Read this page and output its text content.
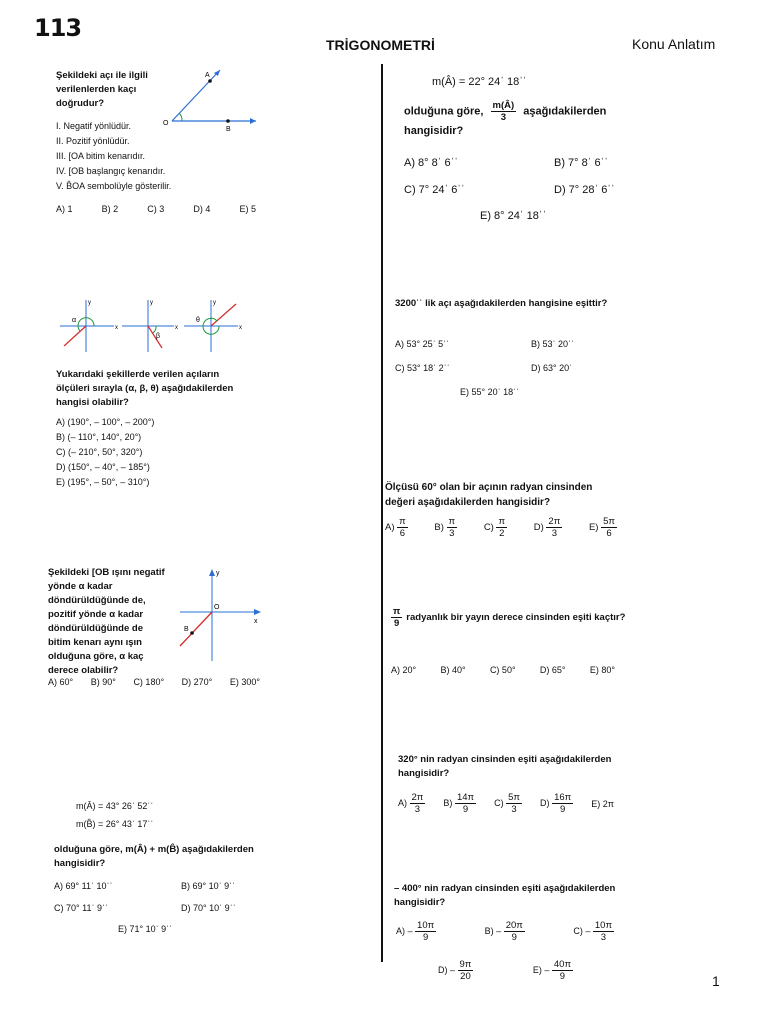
113
TRİGONOMETRİ	Konu Anlatım
Şekildeki açı ile ilgili verilenlerden kaçı doğrudur?
A
O
B
I. Negatif yönlüdür.
II. Pozitif yönlüdür.
III. [OA bitim kenarıdır.
IV. [OB başlangıç kenarıdır.
V. B̂OA sembolüyle gösterilir.
A) 1	B) 2	C) 3	D) 4	E) 5
α
x
y
β
x
y
θ
x
y
Yukarıdaki şekillerde verilen açıların ölçüleri sırayla (α, β, θ) aşağıdakilerden hangisi olabilir?
A) (190°, – 100°, – 200°)
B) (– 110°, 140°, 20°)
C) (– 210°, 50°, 320°)
D) (150°, – 40°, – 185°)
E) (195°, – 50°, – 310°)
Şekildeki [OB ışını negatif yönde α kadar döndürüldüğünde de, pozitif yönde α kadar döndürüldüğünde de bitim kenarı aynı ışın olduğuna göre, α kaç derece olabilir?
y
x
O
B
A) 60° B) 90° C) 180° D) 270° E) 300°
m(Â) = 43° 26ˈ 52ˈˈ
m(B̂) = 26° 43ˈ 17ˈˈ
olduğuna göre, m(Â) + m(B̂) aşağıdakilerden hangisidir?
A) 69° 11ˈ 10ˈˈ	B) 69° 10ˈ 9ˈˈ
C) 70° 11ˈ 9ˈˈ	D) 70° 10ˈ 9ˈˈ
E) 71° 10ˈ 9ˈˈ
m(Â) = 22° 24ˈ 18ˈˈ
olduğuna göre, $\frac{m(Â)}{3}$ aşağıdakilerden hangisidir?
A) 8° 8ˈ 6ˈˈ	B) 7° 8ˈ 6ˈˈ
C) 7° 24ˈ 6ˈˈ	D) 7° 28ˈ 6ˈˈ
E) 8° 24ˈ 18ˈˈ
3200ˈˈ lik açı aşağıdakilerden hangisine eşittir?
A) 53° 25ˈ 5ˈˈ	B) 53ˈ 20ˈˈ
C) 53° 18ˈ 2ˈˈ	D) 63° 20ˈ
E) 55° 20ˈ 18ˈˈ
Ölçüsü 60° olan bir açının radyan cinsinden değeri aşağıdakilerden hangisidir?
$A) \frac{\pi}{6}$	$B) \frac{\pi}{3}$	$C) \frac{\pi}{2}$	$D) \frac{2\pi}{3}$	$E) \frac{5\pi}{6}$
$\frac{\pi}{9}$ radyanlık bir yayın derece cinsinden eşiti kaçtır?
A) 20°	B) 40°	C) 50°	D) 65°	E) 80°
320° nin radyan cinsinden eşiti aşağıdakilerden hangisidir?
$A) \frac{2\pi}{3} B) \frac{14\pi}{9} C) \frac{5\pi}{3} D) \frac{16\pi}{9} E$) 2π
– 400° nin radyan cinsinden eşiti aşağıdakilerden hangisidir?
$A) - \frac{10\pi}{9}$	$B) - \frac{20\pi}{9}$	$C) - \frac{10\pi}{3}$
$D) - \frac{9\pi}{20}$	$E) - \frac{40\pi}{9}$	1
